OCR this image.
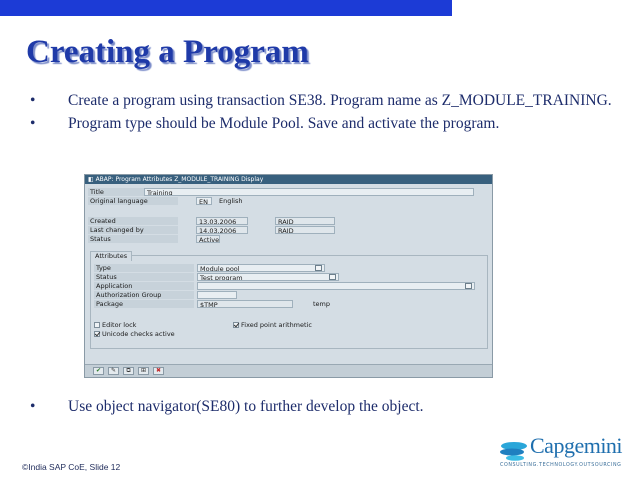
Creating a Program
• Create a program using transaction SE38. Program name as Z_MODULE_TRAINING.
• Program type should be Module Pool. Save and activate the program.
◧ ABAP: Program Attributes Z_MODULE_TRAINING Display
Title	Training
Original language	EN	English
Created	13.03.2006	RAID
Last changed by	14.03.2006	RAID
Status	Active
Attributes
Type	Module pool
Status	Test program
Application
Authorization Group
Package	$TMP	temp
Editor lock	Fixed point arithmetic
Unicode checks active
✔	✎	⧉	⊞	✖
• Use object navigator(SE80) to further develop the object.
Capgemini
CONSULTING.TECHNOLOGY.OUTSOURCING
©India SAP CoE, Slide 12
